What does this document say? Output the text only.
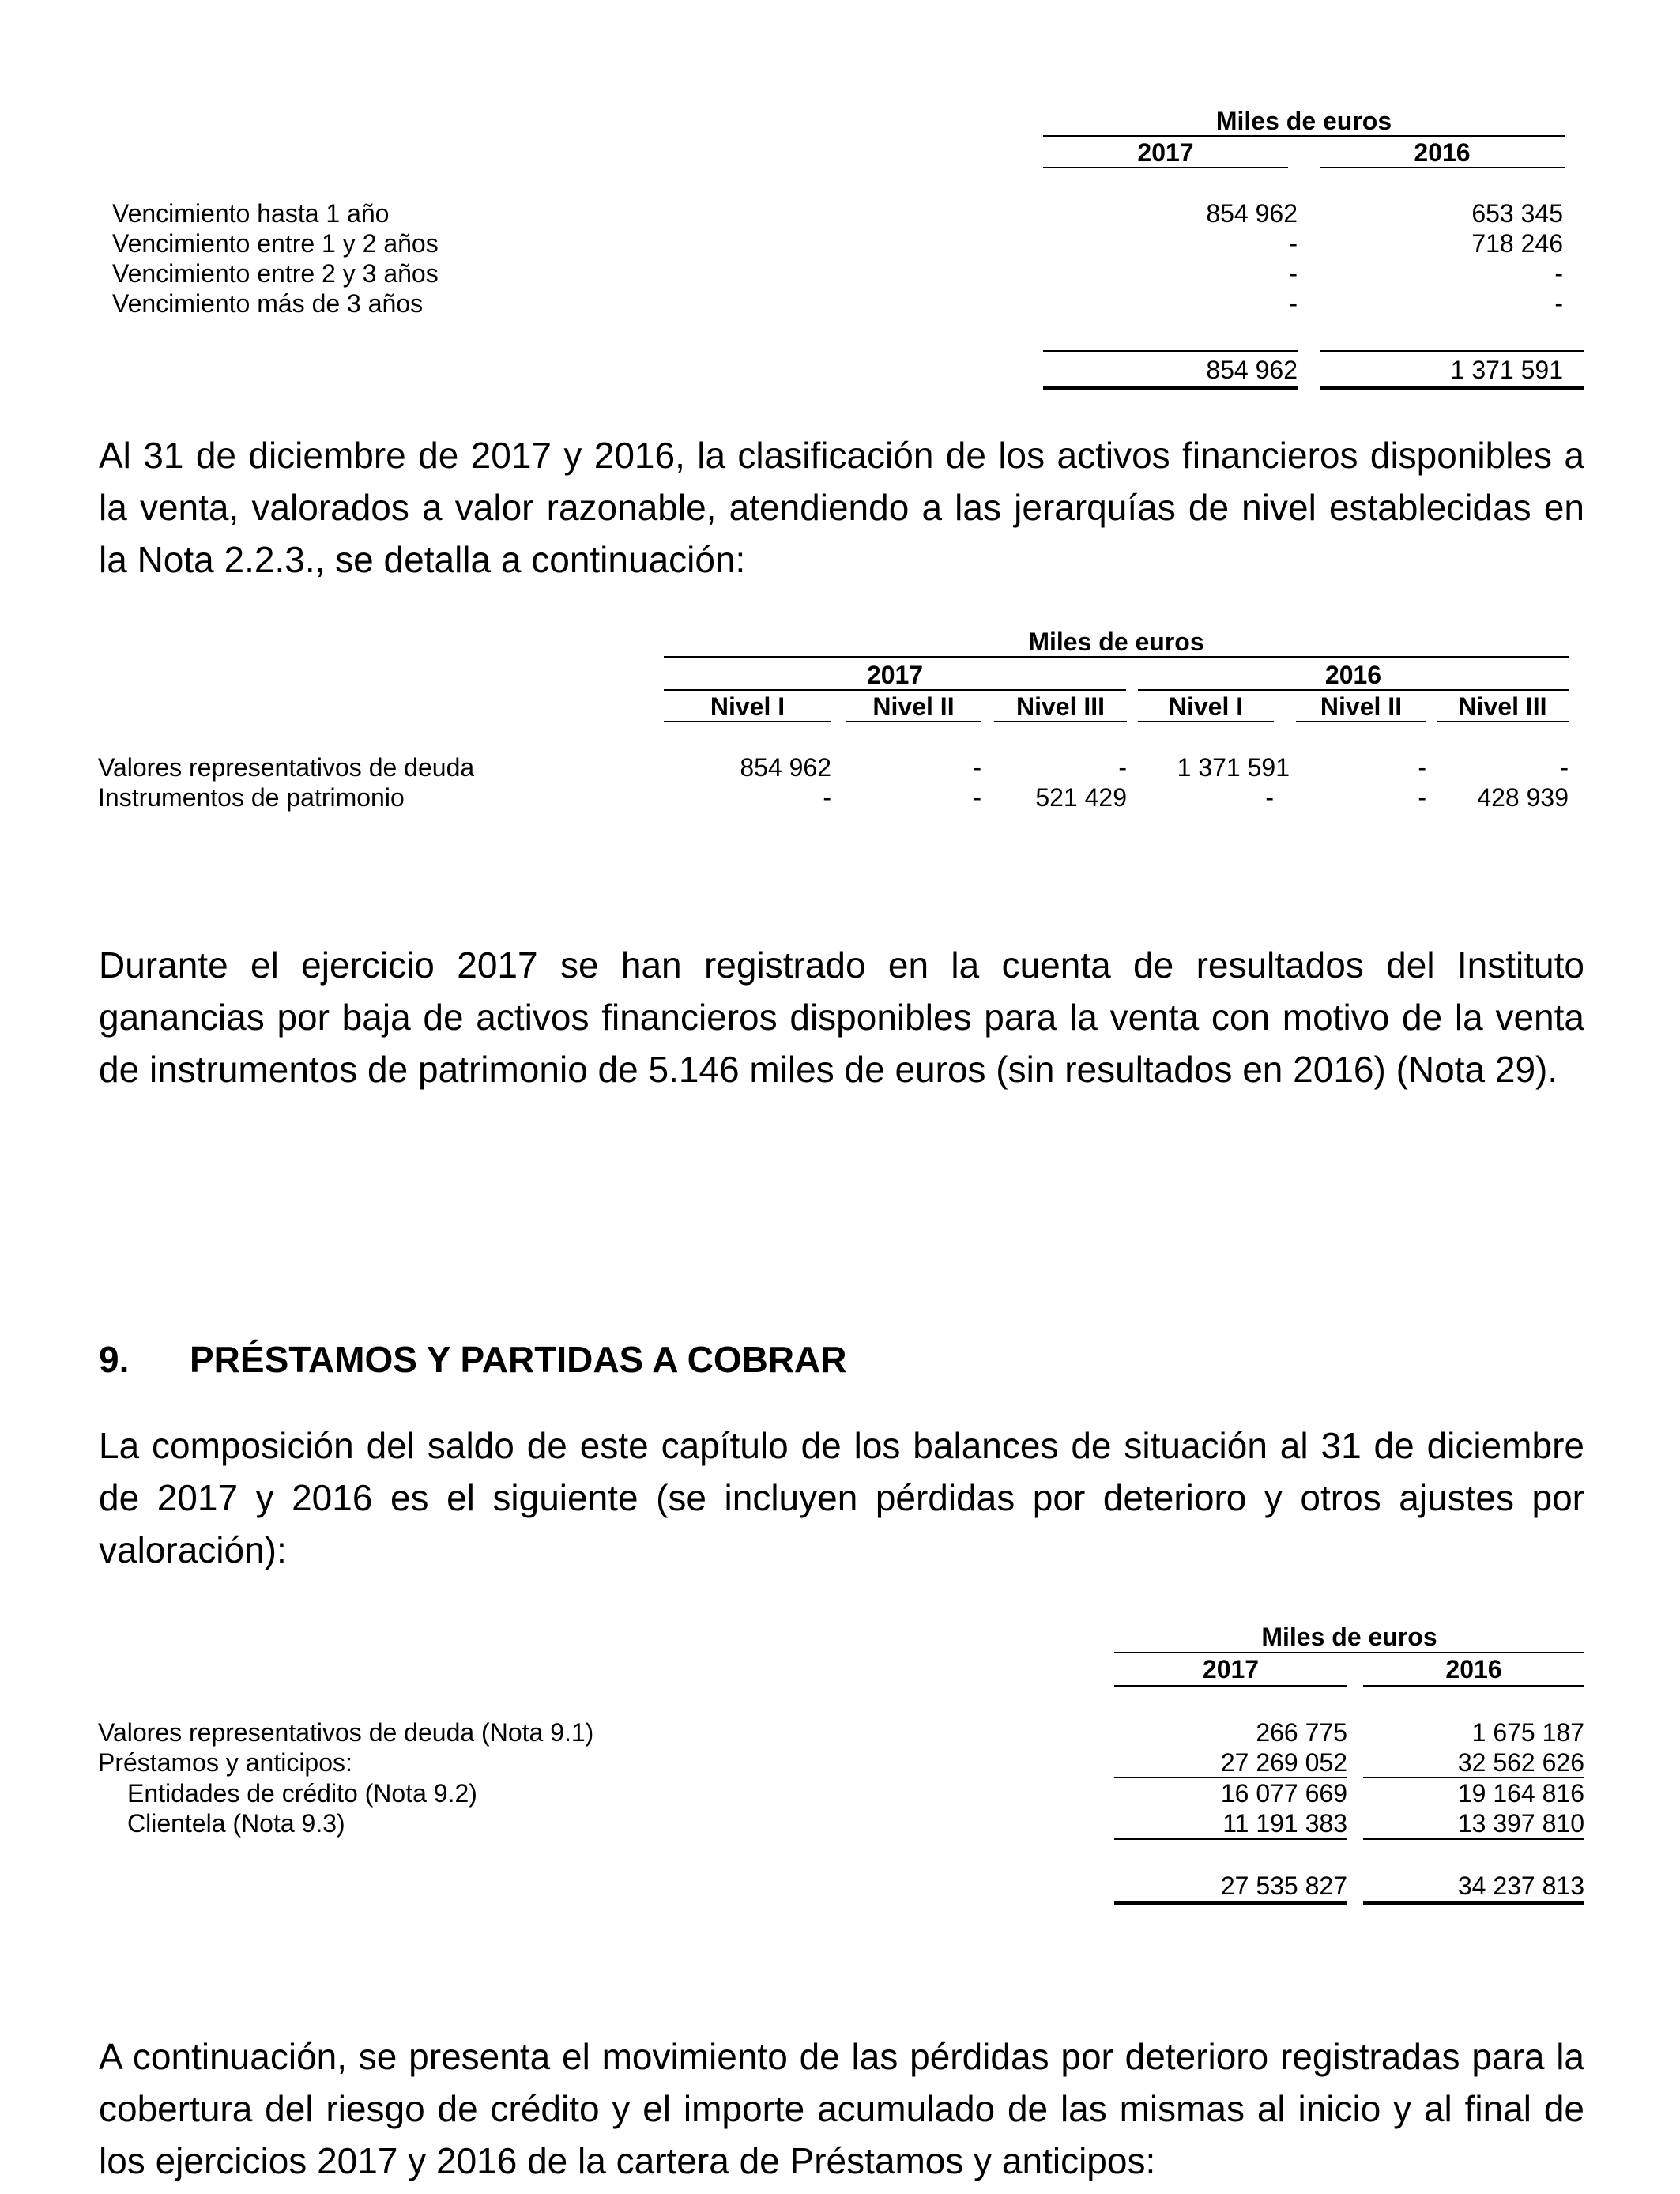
Miles de euros
2017	2016
Vencimiento hasta 1 año	854 962	653 345
Vencimiento entre 1 y 2 años	-	718 246
Vencimiento entre 2 y 3 años	-	-
Vencimiento más de 3 años	-	-
854 962	1 371 591

Al 31 de diciembre de 2017 y 2016, la clasificación de los activos financieros disponibles a la venta, valorados a valor razonable, atendiendo a las jerarquías de nivel establecidas en la Nota 2.2.3., se detalla a continuación:

Miles de euros
2017	2016
Nivel I	Nivel II	Nivel III	Nivel I	Nivel II	Nivel III
Valores representativos de deuda	854 962	-	-	1 371 591	-	-
Instrumentos de patrimonio	-	-	521 429	-	-	428 939

Durante el ejercicio 2017 se han registrado en la cuenta de resultados del Instituto ganancias por baja de activos financieros disponibles para la venta con motivo de la venta de instrumentos de patrimonio de 5.146 miles de euros (sin resultados en 2016) (Nota 29).

9. PRÉSTAMOS Y PARTIDAS A COBRAR

La composición del saldo de este capítulo de los balances de situación al 31 de diciembre de 2017 y 2016 es el siguiente (se incluyen pérdidas por deterioro y otros ajustes por valoración):

Miles de euros
2017	2016
Valores representativos de deuda (Nota 9.1)	266 775	1 675 187
Préstamos y anticipos:	27 269 052	32 562 626
Entidades de crédito (Nota 9.2)	16 077 669	19 164 816
Clientela (Nota 9.3)	11 191 383	13 397 810
27 535 827	34 237 813

A continuación, se presenta el movimiento de las pérdidas por deterioro registradas para la cobertura del riesgo de crédito y el importe acumulado de las mismas al inicio y al final de los ejercicios 2017 y 2016 de la cartera de Préstamos y anticipos:
